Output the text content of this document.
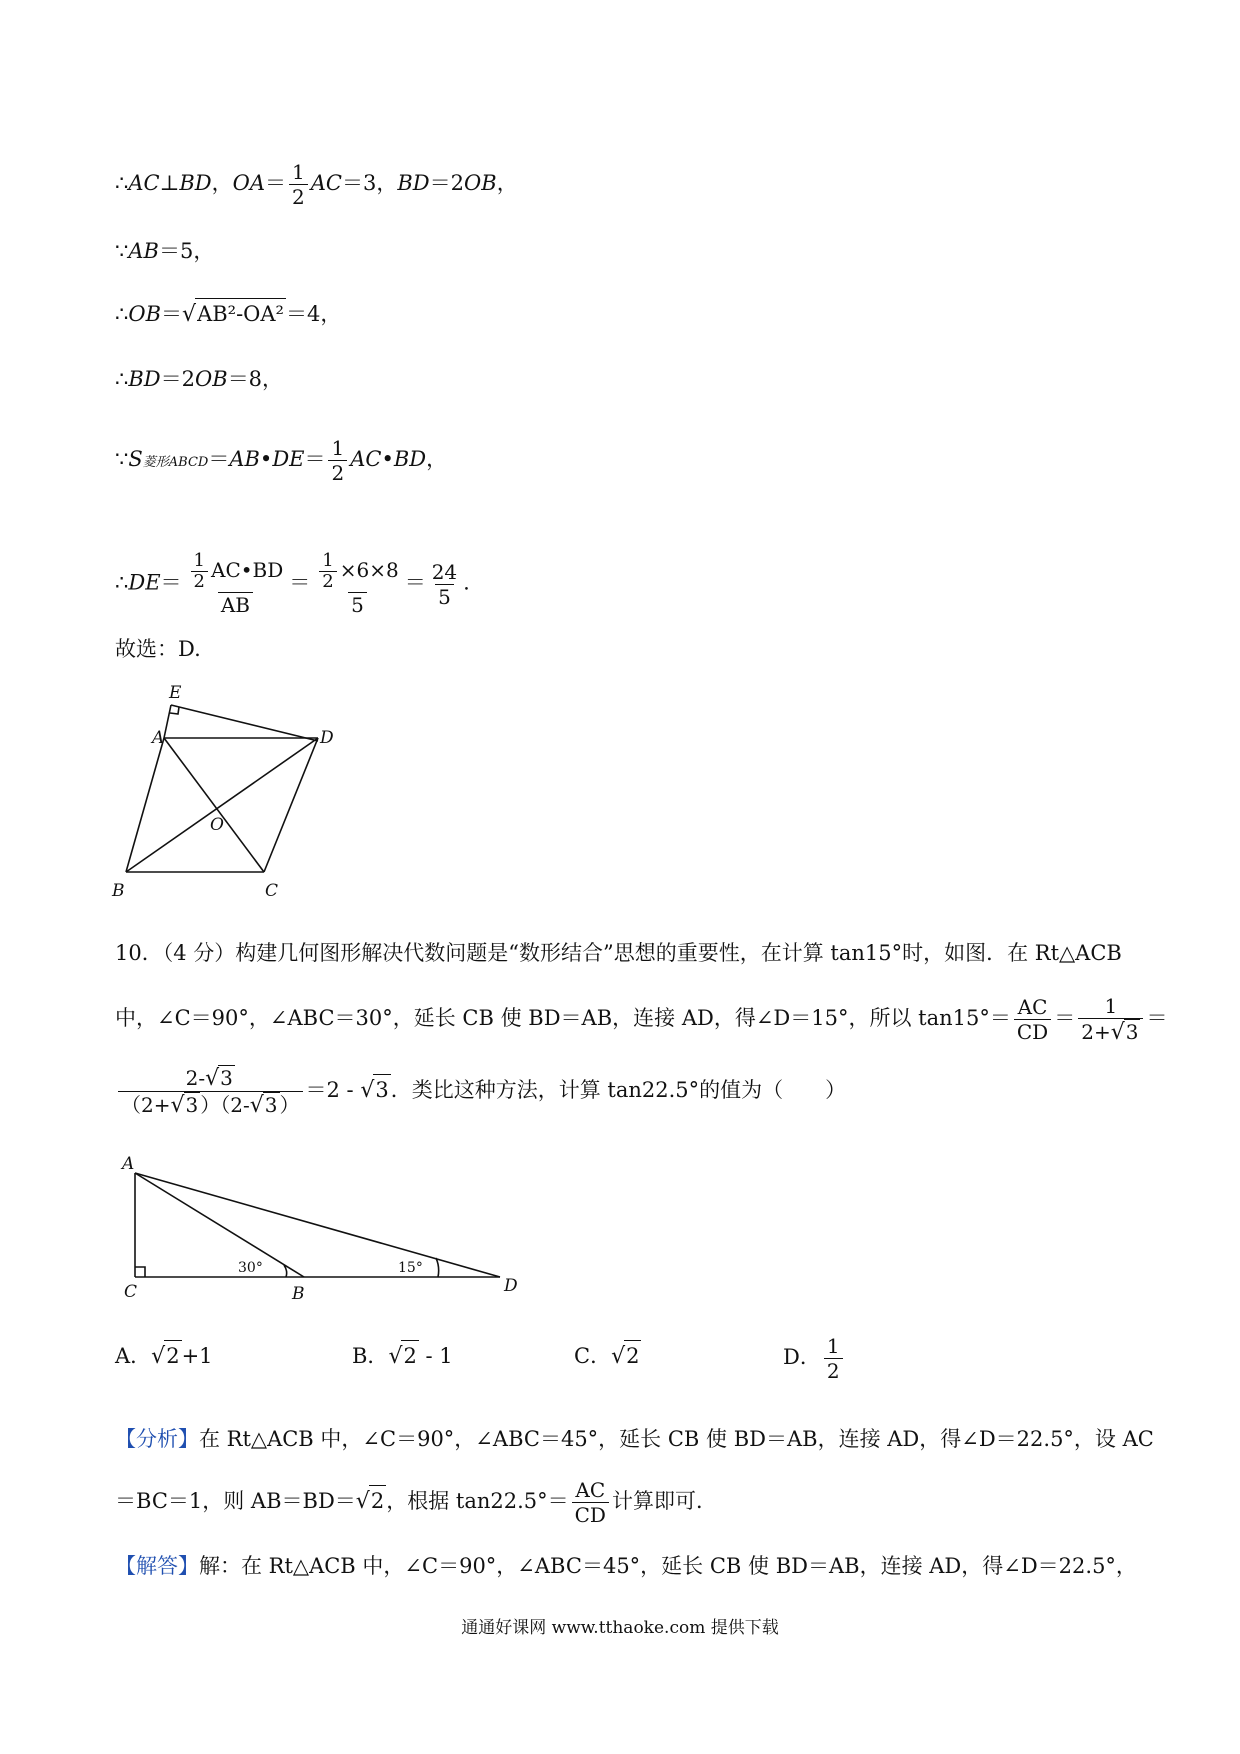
∴AC⊥BD，$OA= \frac{1}{2} AC=3$，BD＝2OB，
∵AB＝5，
∴OB＝√AB²-OA²＝4，
∴BD＝2OB＝8，
∵S菱形ABCD＝AB•DE＝ $\frac{1}{2}$ AC•BD，
∴DE＝ $\frac{\frac{1}{2} AC•BD}{AB} = \frac{\frac{1}{2} \times 6\times 8}{5} = \frac{24}{5}$ .
故选：D.
E
A	D
O
B	C
10．（4 分）构建几何图形解决代数问题是“数形结合”思想的重要性，在计算 tan15°时，如图．在 Rt△ACB
中，∠C＝90°，∠ABC＝30°，延长 CB 使 BD＝AB，连接 AD，得∠D＝15°，所以 $\tan 15^\circ= \frac{AC}{CD} = \frac{1}{2+√3}$ ＝
$\frac{2-√3}{(2+√3 )(2-√3 )} =2 - √3$．类比这种方法，计算 tan22.5°的值为（　　）
A
C	B	D
30°	15°
A．√2+1	B．√2 - 1	C．√2	D． $\frac{1}{2}$
【分析】在 Rt△ACB 中，∠C＝90°，∠ABC＝45°，延长 CB 使 BD＝AB，连接 AD，得∠D＝22.5°，设 AC
＝BC＝1，则 AB＝BD＝√2，根据 $\tan 22.5^\circ= \frac{AC}{CD}$ 计算即可．
【解答】解：在 Rt△ACB 中，∠C＝90°，∠ABC＝45°，延长 CB 使 BD＝AB，连接 AD，得∠D＝22.5°，
通通好课网 www.tthaoke.com 提供下载
